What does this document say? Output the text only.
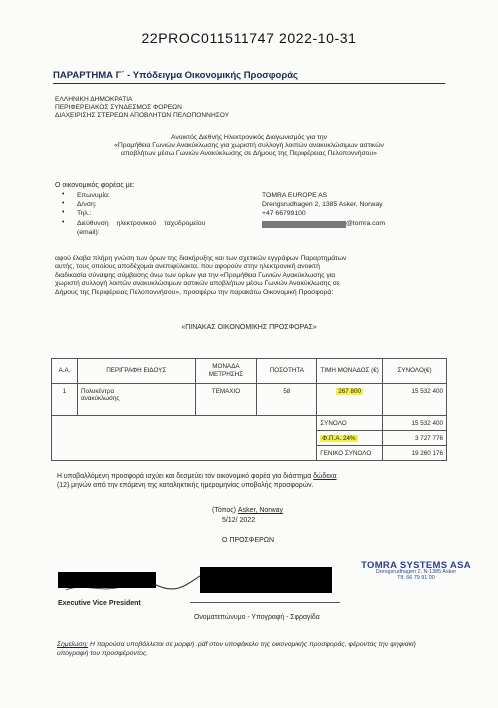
22PROC011511747 2022-10-31
ΠΑΡΑΡΤΗΜΑ Γ΄ - Υπόδειγμα Οικονομικής Προσφοράς
ΕΛΛΗΝΙΚΗ ΔΗΜΟΚΡΑΤΙΑ
ΠΕΡΙΦΕΡΕΙΑΚΟΣ ΣΥΝΔΕΣΜΟΣ ΦΟΡΕΩΝ
ΔΙΑΧΕΙΡΙΣΗΣ ΣΤΕΡΕΩΝ ΑΠΟΒΛΗΤΩΝ ΠΕΛΟΠΟΝΝΗΣΟΥ
Ανοικτός Διεθνής Ηλεκτρονικός Διαγωνισμός για την
«Προμήθεια Γωνιών Ανακύκλωσης για χωριστή συλλογή λοιπών ανακυκλώσιμων αστικών
αποβλήτων μέσω Γωνιών Ανακύκλωσης σε Δήμους της Περιφέρειας Πελοποννήσου»
Ο οικονομικός φορέας με:
• Επωνυμία:	TOMRA EUROPE AS
• Δ/νση:	Drengsrudhagen 2, 1385 Asker, Norway
• Τηλ.:	+47 66799100
• Διεύθυνση ηλεκτρονικού ταχυδρομείου
(email):
@tomra.com
αφού έλαβα πλήρη γνώση των όρων της διακήρυξης και των σχετικών εγγράφων Παραρτημάτων
αυτής, τους οποίους αποδέχομαι ανεπιφύλακτα, που αφορούν στην ηλεκτρονική ανοικτή
διαδικασία σύναψης σύμβασης άνω των ορίων για την «Προμήθεια Γωνιών Ανακύκλωσης για
χωριστή συλλογή λοιπών ανακυκλώσιμων αστικών αποβλήτων μέσω Γωνιών Ανακύκλωσης σε
Δήμους της Περιφέρειας Πελοποννήσου», προσφέρω την παρακάτω Οικονομική Προσφορά:
«ΠΙΝΑΚΑΣ ΟΙΚΟΝΟΜΙΚΗΣ ΠΡΟΣΦΟΡΑΣ»
Α.Α.	ΠΕΡΙΓΡΑΦΗ ΕΙΔΟΥΣ	ΜΟΝΑΔΑ ΜΕΤΡΗΣΗΣ	ΠΟΣΟΤΗΤΑ	ΤΙΜΗ ΜΟΝΑΔΟΣ (€)	ΣΥΝΟΛΟ(€)
1	Πολυκέντρα
ανακύκλωσης	ΤΕΜΑΧΙΟ	58	267 800	15 532 400
				ΣΥΝΟΛΟ	15 532 400
				Φ.Π.Α. 24%	3 727 776
				ΓΕΝΙΚΟ ΣΥΝΟΛΟ	19 260 176
Η υποβαλλόμενη προσφορά ισχύει και δεσμεύει τον οικονομικό φορέα για διάστημα δώδεκα
(12) μηνών από την επόμενη της καταληκτικής ημερομηνίας υποβολής προσφορών.
(Τόπος) Asker, Norway
5/12/ 2022
Ο ΠΡΟΣΦΕΡΩΝ
TOMRA SYSTEMS ASA
Drengsrudhagen 2, N-1385 Asker
Tlf. 66 79 91 00
Executive Vice President
Ονοματεπώνυμο - Υπογραφή - Σφραγίδα
Σημείωση: Η παρούσα υποβάλλεται σε μορφή .pdf στον υποφάκελο της οικονομικής προσφοράς, φέροντας την ψηφιακή υπογραφή του προσφέροντος.
